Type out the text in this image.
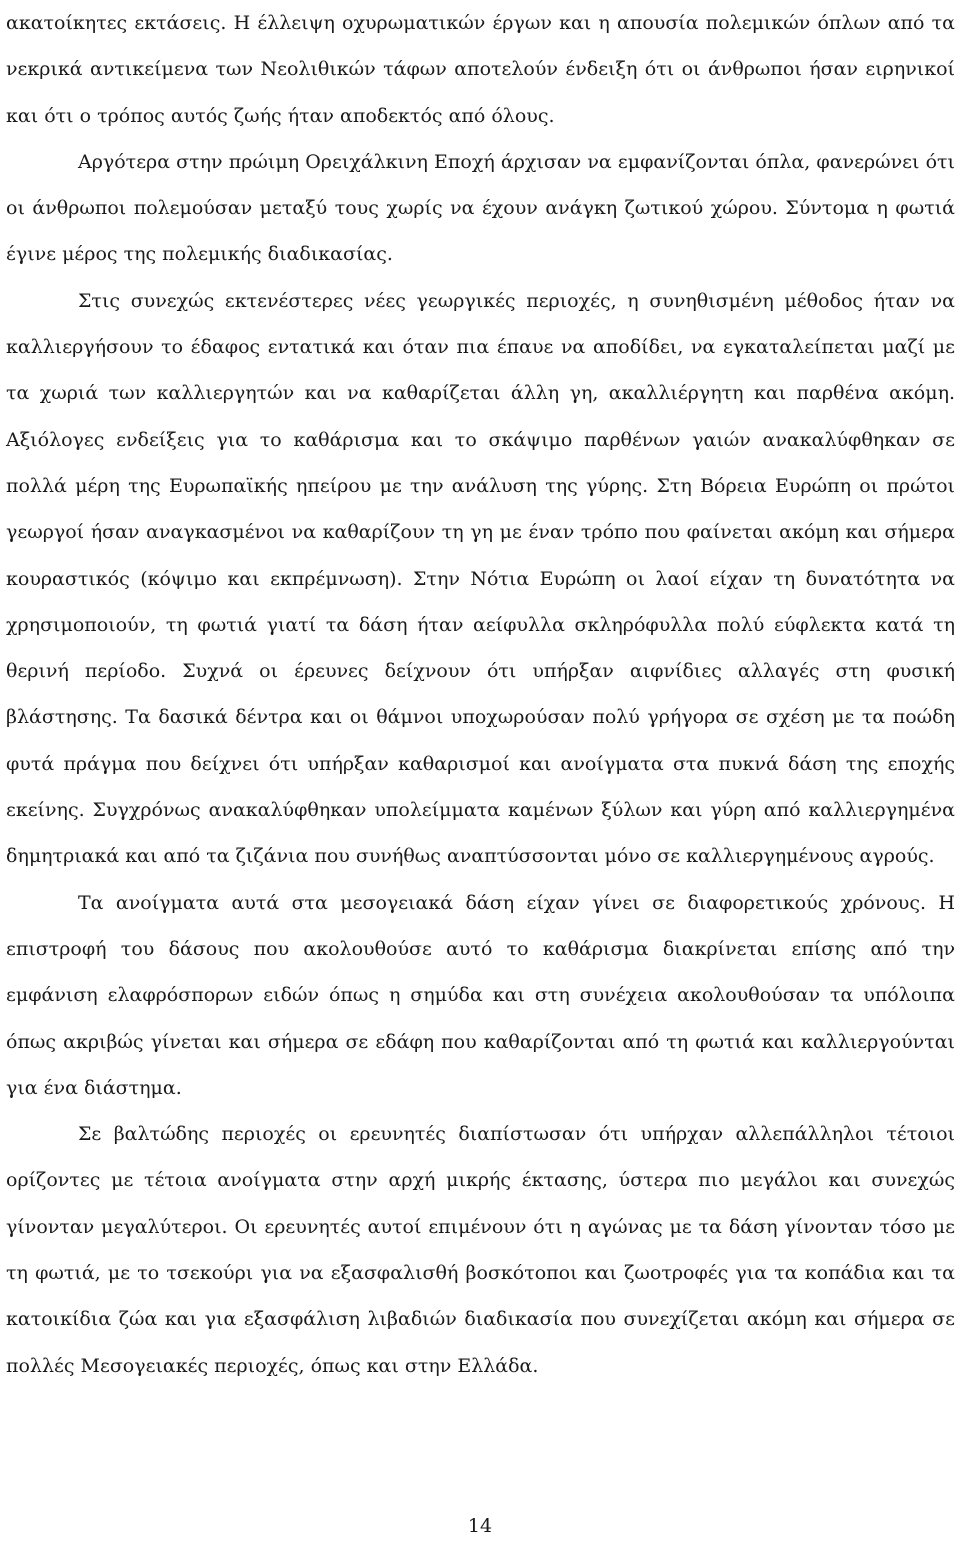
ακατοίκητες εκτάσεις. Η έλλειψη οχυρωματικών έργων και η απουσία πολεμικών όπλων από τα νεκρικά αντικείμενα των Νεολιθικών τάφων αποτελούν ένδειξη ότι οι άνθρωποι ήσαν ειρηνικοί και ότι ο τρόπος αυτός ζωής ήταν αποδεκτός από όλους.

Αργότερα στην πρώιμη Ορειχάλκινη Εποχή άρχισαν να εμφανίζονται όπλα, φανερώνει ότι οι άνθρωποι πολεμούσαν μεταξύ τους χωρίς να έχουν ανάγκη ζωτικού χώρου. Σύντομα η φωτιά έγινε μέρος της πολεμικής διαδικασίας.

Στις συνεχώς εκτενέστερες νέες γεωργικές περιοχές, η συνηθισμένη μέθοδος ήταν να καλλιεργήσουν το έδαφος εντατικά και όταν πια έπαυε να αποδίδει, να εγκαταλείπεται μαζί με τα χωριά των καλλιεργητών και να καθαρίζεται άλλη γη, ακαλλιέργητη και παρθένα ακόμη. Αξιόλογες ενδείξεις για το καθάρισμα και το σκάψιμο παρθένων γαιών ανακαλύφθηκαν σε πολλά μέρη της Ευρωπαϊκής ηπείρου με την ανάλυση της γύρης. Στη Βόρεια Ευρώπη οι πρώτοι γεωργοί ήσαν αναγκασμένοι να καθαρίζουν τη γη με έναν τρόπο που φαίνεται ακόμη και σήμερα κουραστικός (κόψιμο και εκπρέμνωση). Στην Νότια Ευρώπη οι λαοί είχαν τη δυνατότητα να χρησιμοποιούν, τη φωτιά γιατί τα δάση ήταν αείφυλλα σκληρόφυλλα πολύ εύφλεκτα κατά τη θερινή περίοδο. Συχνά οι έρευνες δείχνουν ότι υπήρξαν αιφνίδιες αλλαγές στη φυσική βλάστησης. Τα δασικά δέντρα και οι θάμνοι υποχωρούσαν πολύ γρήγορα σε σχέση με τα ποώδη φυτά πράγμα που δείχνει ότι υπήρξαν καθαρισμοί και ανοίγματα στα πυκνά δάση της εποχής εκείνης. Συγχρόνως ανακαλύφθηκαν υπολείμματα καμένων ξύλων και γύρη από καλλιεργημένα δημητριακά και από τα ζιζάνια που συνήθως αναπτύσσονται μόνο σε καλλιεργημένους αγρούς.

Τα ανοίγματα αυτά στα μεσογειακά δάση είχαν γίνει σε διαφορετικούς χρόνους. Η επιστροφή του δάσους που ακολουθούσε αυτό το καθάρισμα διακρίνεται επίσης από την εμφάνιση ελαφρόσπορων ειδών όπως η σημύδα και στη συνέχεια ακολουθούσαν τα υπόλοιπα όπως ακριβώς γίνεται και σήμερα σε εδάφη που καθαρίζονται από τη φωτιά και καλλιεργούνται για ένα διάστημα.

Σε βαλτώδης περιοχές οι ερευνητές διαπίστωσαν ότι υπήρχαν αλλεπάλληλοι τέτοιοι ορίζοντες με τέτοια ανοίγματα στην αρχή μικρής έκτασης, ύστερα πιο μεγάλοι και συνεχώς γίνονταν μεγαλύτεροι. Οι ερευνητές αυτοί επιμένουν ότι η αγώνας με τα δάση γίνονταν τόσο με τη φωτιά, με το τσεκούρι για να εξασφαλισθή βοσκότοποι και ζωοτροφές για τα κοπάδια και τα κατοικίδια ζώα και για εξασφάλιση λιβαδιών διαδικασία που συνεχίζεται ακόμη και σήμερα σε πολλές Μεσογειακές περιοχές, όπως και στην Ελλάδα.

14
